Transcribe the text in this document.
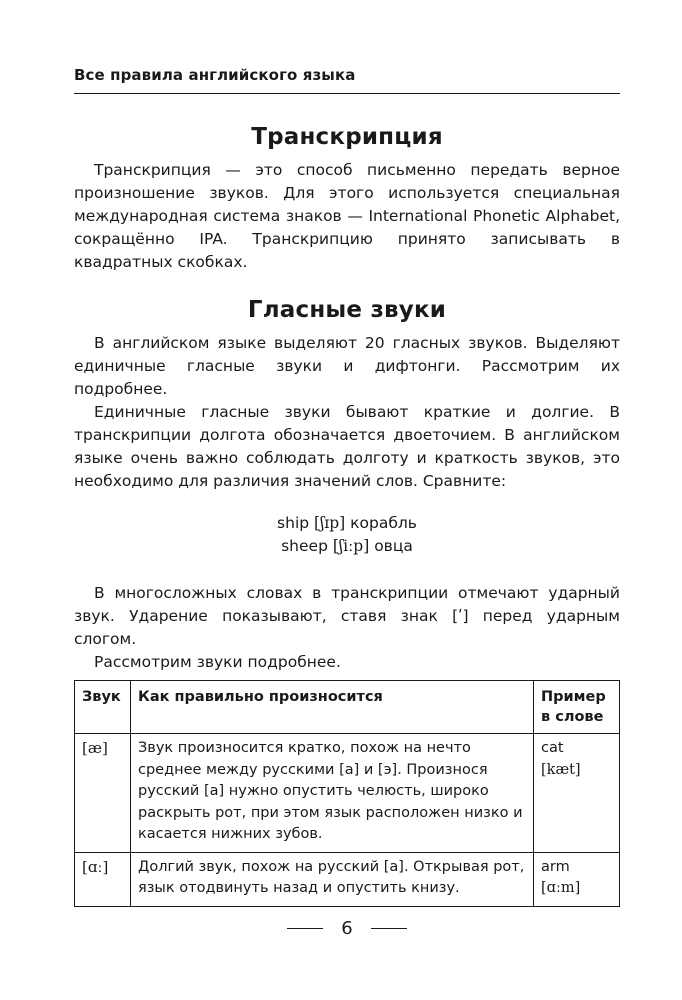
Все правила английского языка
Транскрипция

Транскрипция — это способ письменно передать верное произношение звуков. Для этого используется специальная международная система знаков — International Phonetic Alphabet, сокращённо IPA. Транскрипцию принято записывать в квадратных скобках.

Гласные звуки

В английском языке выделяют 20 гласных звуков. Выделяют единичные гласные звуки и дифтонги. Рассмотрим их подробнее.

Единичные гласные звуки бывают краткие и долгие. В транскрипции долгота обозначается двоеточием. В английском языке очень важно соблюдать долготу и краткость звуков, это необходимо для различия значений слов. Сравните:

ship [ʃɪp] корабль
sheep [ʃiːp] овца

В многосложных словах в транскрипции отмечают ударный звук. Ударение показывают, ставя знак [ʹ] перед ударным слогом.

Рассмотрим звуки подробнее.

Звук	Как правильно произносится	Пример в слове
[æ]	Звук произносится кратко, похож на нечто среднее между русскими [а] и [э]. Произнося русский [а] нужно опустить челюсть, широко раскрыть рот, при этом язык расположен низко и касается нижних зубов.	cat
[kæt]

[ɑː]	Долгий звук, похож на русский [а]. Открывая рот, язык отодвинуть назад и опустить книзу.	arm
[ɑːm]
6
